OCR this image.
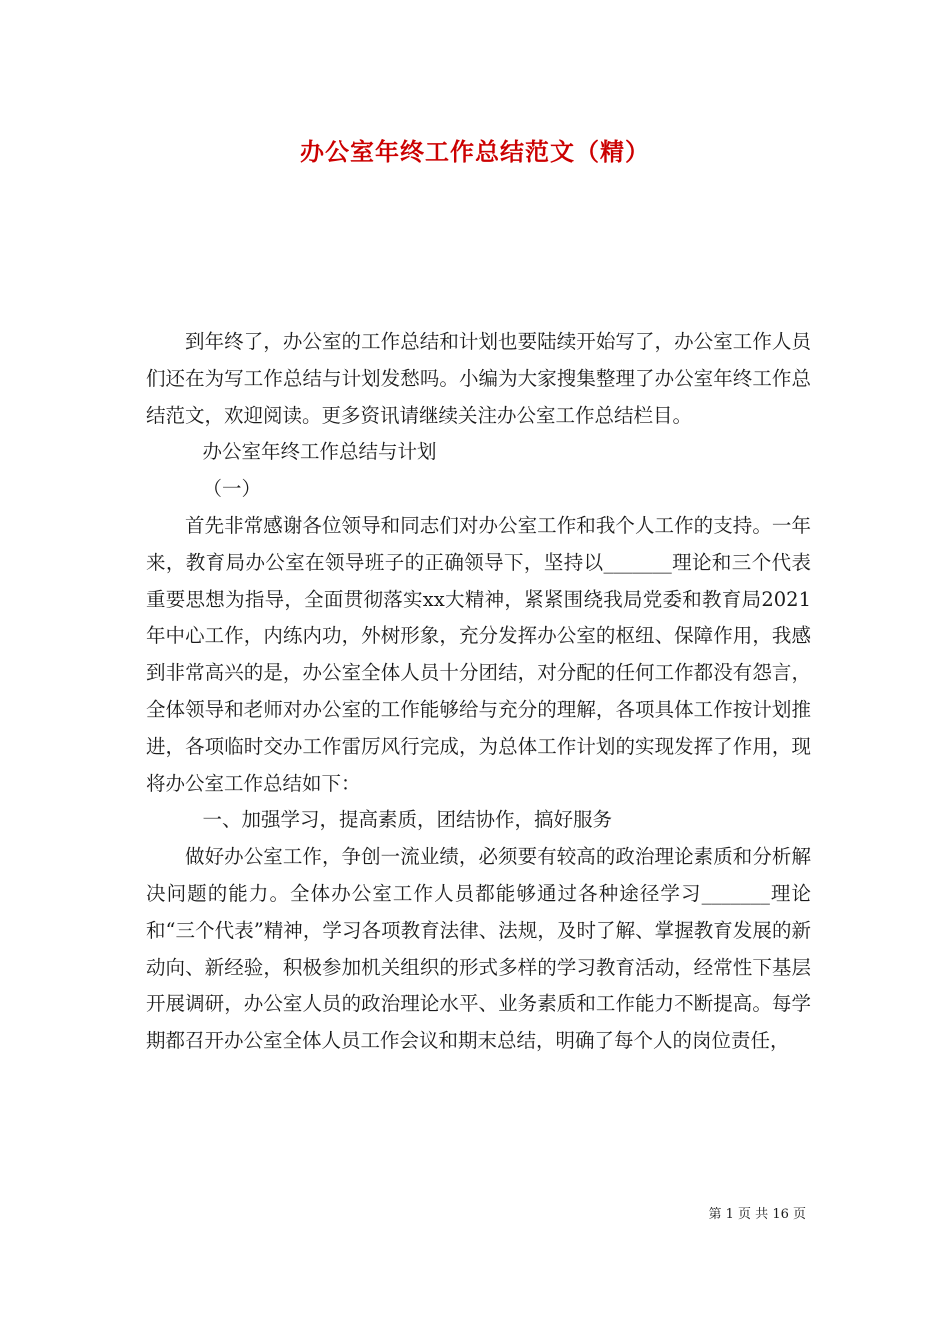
办公室年终工作总结范文（精）

到年终了，办公室的工作总结和计划也要陆续开始写了，办公室工作人员们还在为写工作总结与计划发愁吗。小编为大家搜集整理了办公室年终工作总结范文，欢迎阅读。更多资讯请继续关注办公室工作总结栏目。

办公室年终工作总结与计划

（一）

首先非常感谢各位领导和同志们对办公室工作和我个人工作的支持。一年来，教育局办公室在领导班子的正确领导下，坚持以_______理论和三个代表重要思想为指导，全面贯彻落实xx大精神，紧紧围绕我局党委和教育局2021年中心工作，内练内功，外树形象，充分发挥办公室的枢纽、保障作用，我感到非常高兴的是，办公室全体人员十分团结，对分配的任何工作都没有怨言，全体领导和老师对办公室的工作能够给与充分的理解，各项具体工作按计划推进，各项临时交办工作雷厉风行完成，为总体工作计划的实现发挥了作用，现将办公室工作总结如下：

一、加强学习，提高素质，团结协作，搞好服务

做好办公室工作，争创一流业绩，必须要有较高的政治理论素质和分析解决问题的能力。全体办公室工作人员都能够通过各种途径学习_______理论和“三个代表”精神，学习各项教育法律、法规，及时了解、掌握教育发展的新动向、新经验，积极参加机关组织的形式多样的学习教育活动，经常性下基层开展调研，办公室人员的政治理论水平、业务素质和工作能力不断提高。每学期都召开办公室全体人员工作会议和期末总结，明确了每个人的岗位责任，

第 1 页 共 16 页
